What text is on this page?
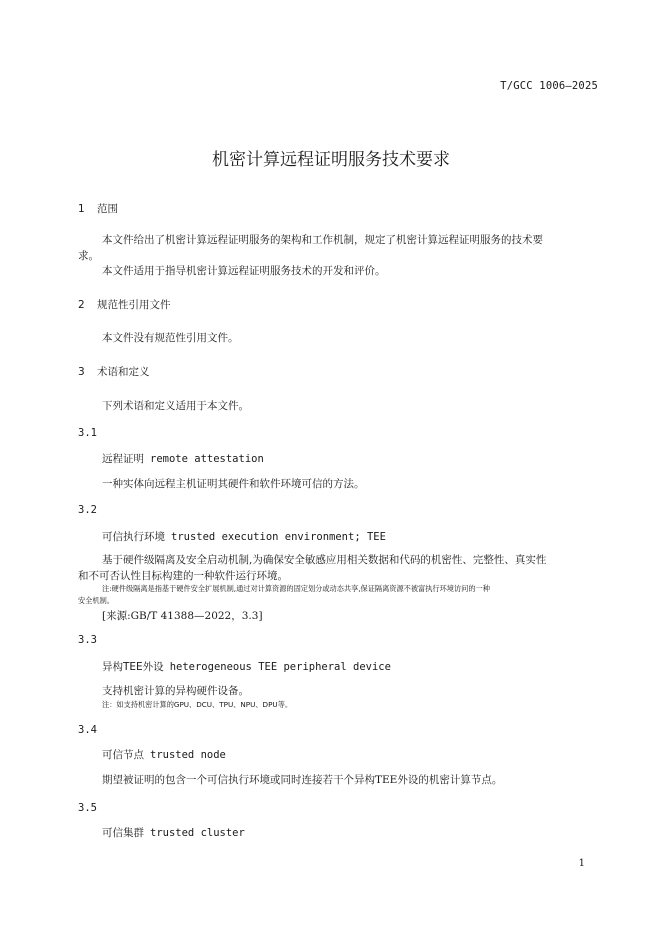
T/GCC 1006—2025
机密计算远程证明服务技术要求
1 范围
本文件给出了机密计算远程证明服务的架构和工作机制，规定了机密计算远程证明服务的技术要
求。
本文件适用于指导机密计算远程证明服务技术的开发和评价。
2 规范性引用文件
本文件没有规范性引用文件。
3 术语和定义
下列术语和定义适用于本文件。
3.1
远程证明 remote attestation
一种实体向远程主机证明其硬件和软件环境可信的方法。
3.2
可信执行环境 trusted execution environment; TEE
基于硬件级隔离及安全启动机制,为确保安全敏感应用相关数据和代码的机密性、完整性、真实性
和不可否认性目标构建的一种软件运行环境。
注:硬件级隔离是指基于硬件安全扩展机制,通过对计算资源的固定划分或动态共享,保证隔离资源不被富执行环境访问的一种
安全机制。
[来源:GB/T 41388—2022，3.3]
3.3
异构TEE外设 heterogeneous TEE peripheral device
支持机密计算的异构硬件设备。
注：如支持机密计算的GPU、DCU、TPU、NPU、DPU等。
3.4
可信节点 trusted node
期望被证明的包含一个可信执行环境或同时连接若干个异构TEE外设的机密计算节点。
3.5
可信集群 trusted cluster
1
